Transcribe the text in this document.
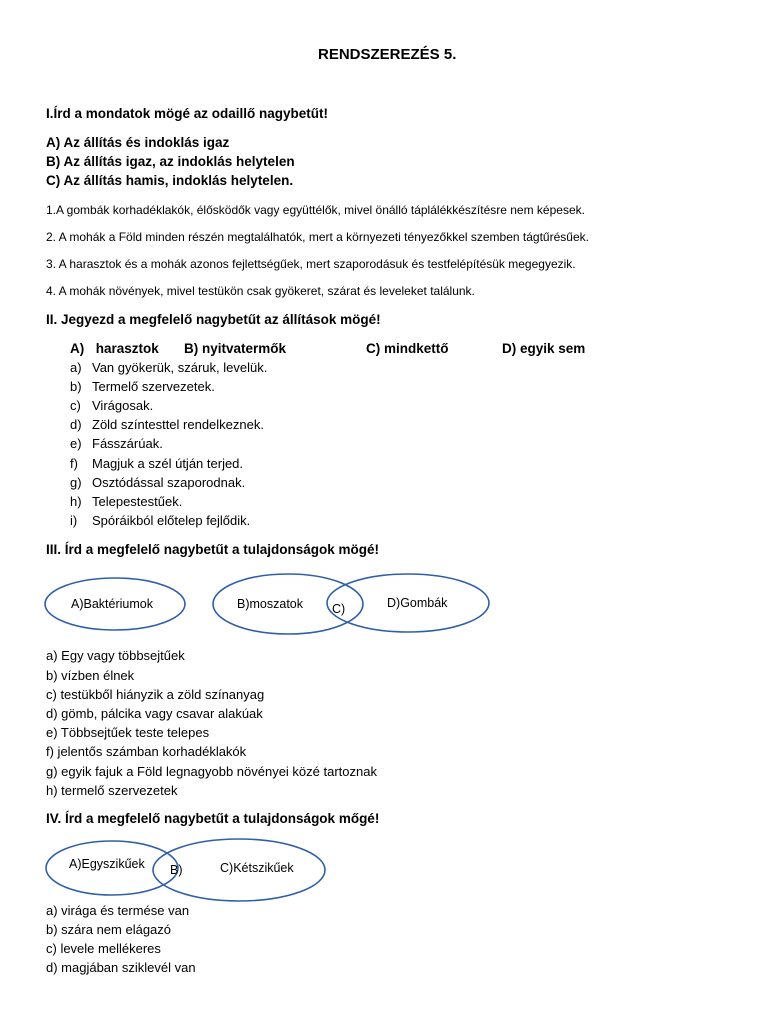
RENDSZEREZÉS 5.
I.Írd a mondatok mögé az odaillő nagybetűt!
A) Az állítás és indoklás igaz
B) Az állítás igaz, az indoklás helytelen
C) Az állítás hamis, indoklás helytelen.
1.A gombák korhadéklakók, élősködők vagy együttélők, mivel önálló táplálékkészítésre nem képesek.
2. A mohák a Föld minden részén megtalálhatók, mert a környezeti tényezőkkel szemben tágtűrésűek.
3. A harasztok és a mohák azonos fejlettségűek, mert szaporodásuk és testfelépítésük megegyezik.
4. A mohák növények, mivel testükön csak gyökeret, szárat és leveleket találunk.
II. Jegyezd a megfelelő nagybetűt az állítások mögé!
A) harasztok B) nyitvatermők	C) mindkettő	D) egyik sem
a) Van gyökerük, száruk, levelük.
b) Termelő szervezetek.
c) Virágosak.
d) Zöld színtesttel rendelkeznek.
e) Fásszárúak.
f) Magjuk a szél útján terjed.
g) Osztódással szaporodnak.
h) Telepestestűek.
i) Spóráikból előtelep fejlődik.
III. Írd a megfelelő nagybetűt a tulajdonságok mögé!
A)Baktériumok	B)moszatok C)	D)Gombák
A)Egyszikűek B)	C)Kétszikűek
a) Egy vagy többsejtűek
b) vízben élnek
c) testükből hiányzik a zöld színanyag
d) gömb, pálcika vagy csavar alakúak
e) Többsejtűek teste telepes
f) jelentős számban korhadéklakók
g) egyik fajuk a Föld legnagyobb növényei közé tartoznak
h) termelő szervezetek
IV. Írd a megfelelő nagybetűt a tulajdonságok mőgé!
a) virága és termése van
b) szára nem elágazó
c) levele mellékeres
d) magjában sziklevél van
